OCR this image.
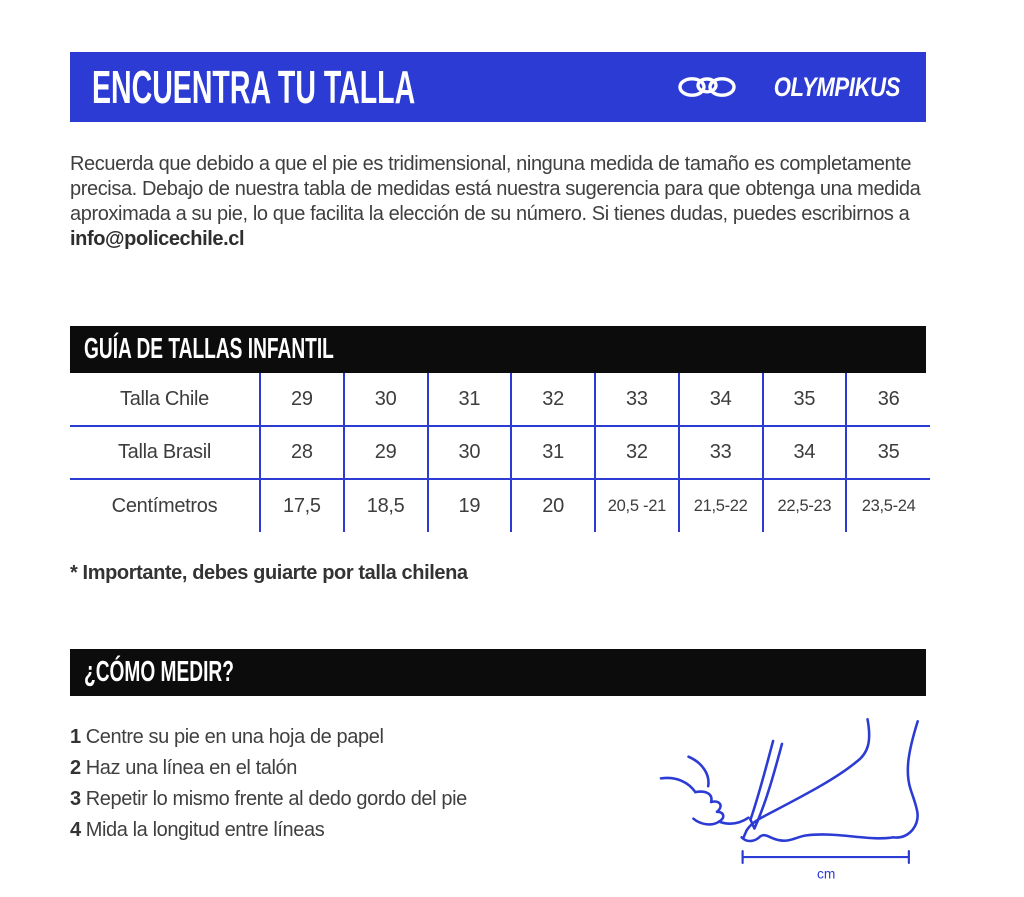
ENCUENTRA TU TALLA	OLYMPIKUS

Recuerda que debido a que el pie es tridimensional, ninguna medida de tamaño es completamente precisa. Debajo de nuestra tabla de medidas está nuestra sugerencia para que obtenga una medida aproximada a su pie, lo que facilita la elección de su número. Si tienes dudas, puedes escribirnos a info@policechile.cl

GUÍA DE TALLAS INFANTIL
Talla Chile	29	30	31	32	33	34	35	36
Talla Brasil	28	29	30	31	32	33	34	35
Centímetros	17,5	18,5	19	20	20,5 -21	21,5-22	22,5-23	23,5-24
* Importante, debes guiarte por talla chilena
¿CÓMO MEDIR?
1 Centre su pie en una hoja de papel
2 Haz una línea en el talón
3 Repetir lo mismo frente al dedo gordo del pie
4 Mida la longitud entre líneas
cm
